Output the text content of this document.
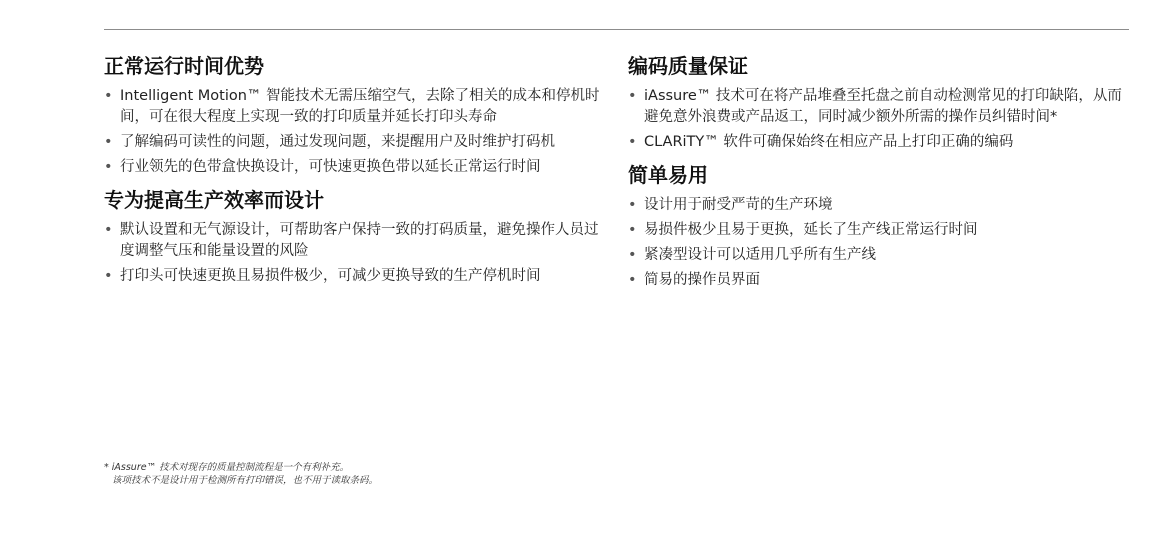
正常运行时间优势
• Intelligent Motion™ 智能技术无需压缩空气，去除了相关的成本和停机时间，可在很大程度上实现一致的打印质量并延长打印头寿命
• 了解编码可读性的问题，通过发现问题，来提醒用户及时维护打码机
• 行业领先的色带盒快换设计，可快速更换色带以延长正常运行时间
专为提高生产效率而设计
• 默认设置和无气源设计，可帮助客户保持一致的打码质量，避免操作人员过度调整气压和能量设置的风险
• 打印头可快速更换且易损件极少，可减少更换导致的生产停机时间
编码质量保证
• iAssure™ 技术可在将产品堆叠至托盘之前自动检测常见的打印缺陷，从而避免意外浪费或产品返工，同时减少额外所需的操作员纠错时间*
• CLARiTY™ 软件可确保始终在相应产品上打印正确的编码
简单易用
• 设计用于耐受严苛的生产环境
• 易损件极少且易于更换，延长了生产线正常运行时间
• 紧凑型设计可以适用几乎所有生产线
• 简易的操作员界面
* iAssure™ 技术对现存的质量控制流程是一个有利补充。
该项技术不是设计用于检测所有打印错误，也不用于读取条码。
